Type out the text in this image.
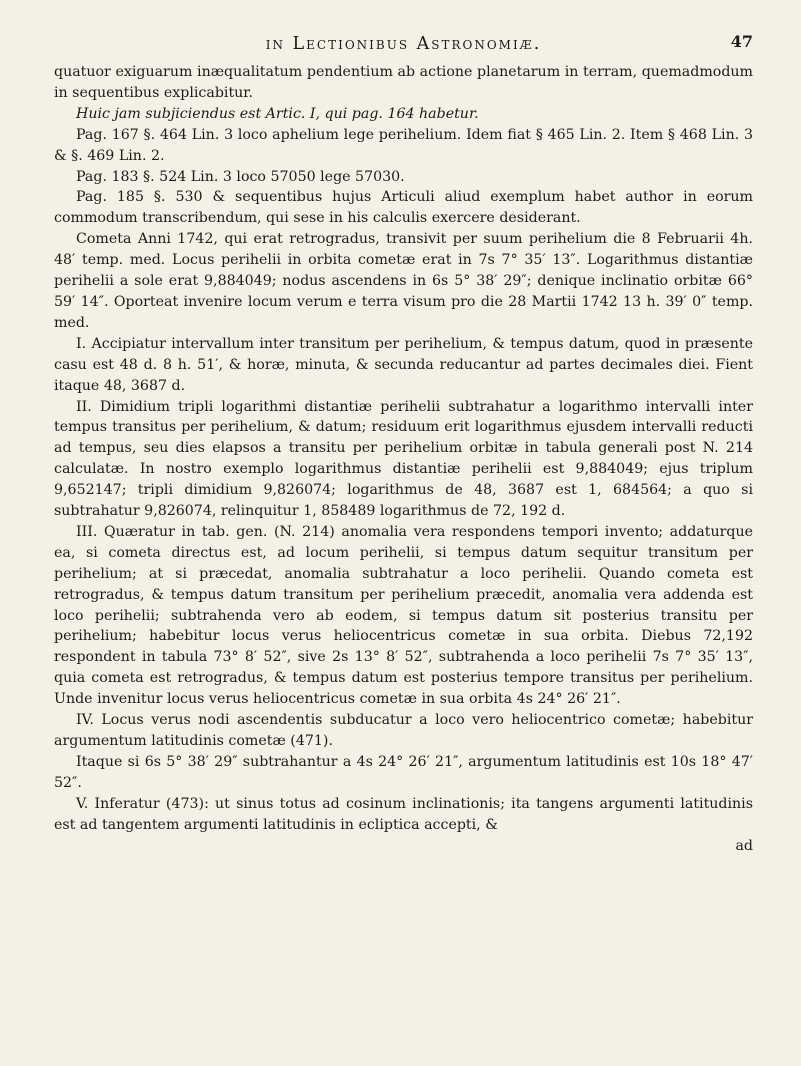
in Lectionibus Astronomiæ.	47

quatuor exiguarum inæqualitatum pendentium ab actione planetarum in terram, quemadmodum in sequentibus explicabitur.

Huic jam subjiciendus est Artic. I, qui pag. 164 habetur.

Pag. 167 §. 464 Lin. 3 loco aphelium lege perihelium. Idem fiat § 465 Lin. 2. Item § 468 Lin. 3 & §. 469 Lin. 2.

Pag. 183 §. 524 Lin. 3 loco 57050 lege 57030.

Pag. 185 §. 530 & sequentibus hujus Articuli aliud exemplum habet author in eorum commodum transcribendum, qui sese in his calculis exercere desiderant.

Cometa Anni 1742, qui erat retrogradus, transivit per suum perihelium die 8 Februarii 4h. 48′ temp. med. Locus perihelii in orbita cometæ erat in 7s 7° 35′ 13″. Logarithmus distantiæ perihelii a sole erat 9,884049; nodus ascendens in 6s 5° 38′ 29″; denique inclinatio orbitæ 66° 59′ 14″. Oporteat invenire locum verum e terra visum pro die 28 Martii 1742 13 h. 39′ 0″ temp. med.

I. Accipiatur intervallum inter transitum per perihelium, & tempus datum, quod in præsente casu est 48 d. 8 h. 51′, & horæ, minuta, & secunda reducantur ad partes decimales diei. Fient itaque 48, 3687 d.

II. Dimidium tripli logarithmi distantiæ perihelii subtrahatur a logarithmo intervalli inter tempus transitus per perihelium, & datum; residuum erit logarithmus ejusdem intervalli reducti ad tempus, seu dies elapsos a transitu per perihelium orbitæ in tabula generali post N. 214 calculatæ. In nostro exemplo logarithmus distantiæ perihelii est 9,884049; ejus triplum 9,652147; tripli dimidium 9,826074; logarithmus de 48, 3687 est 1, 684564; a quo si subtrahatur 9,826074, relinquitur 1, 858489 logarithmus de 72, 192 d.

III. Quæratur in tab. gen. (N. 214) anomalia vera respondens tempori invento; addaturque ea, si cometa directus est, ad locum perihelii, si tempus datum sequitur transitum per perihelium; at si præcedat, anomalia subtrahatur a loco perihelii. Quando cometa est retrogradus, & tempus datum transitum per perihelium præcedit, anomalia vera addenda est loco perihelii; subtrahenda vero ab eodem, si tempus datum sit posterius transitu per perihelium; habebitur locus verus heliocentricus cometæ in sua orbita. Diebus 72,192 respondent in tabula 73° 8′ 52″, sive 2s 13° 8′ 52″, subtrahenda a loco perihelii 7s 7° 35′ 13″, quia cometa est retrogradus, & tempus datum est posterius tempore transitus per perihelium. Unde invenitur locus verus heliocentricus cometæ in sua orbita 4s 24° 26′ 21″.

IV. Locus verus nodi ascendentis subducatur a loco vero heliocentrico cometæ; habebitur argumentum latitudinis cometæ (471).

Itaque si 6s 5° 38′ 29″ subtrahantur a 4s 24° 26′ 21″, argumentum latitudinis est 10s 18° 47′ 52″.

V. Inferatur (473): ut sinus totus ad cosinum inclinationis; ita tangens argumenti latitudinis est ad tangentem argumenti latitudinis in ecliptica accepti, &

ad
